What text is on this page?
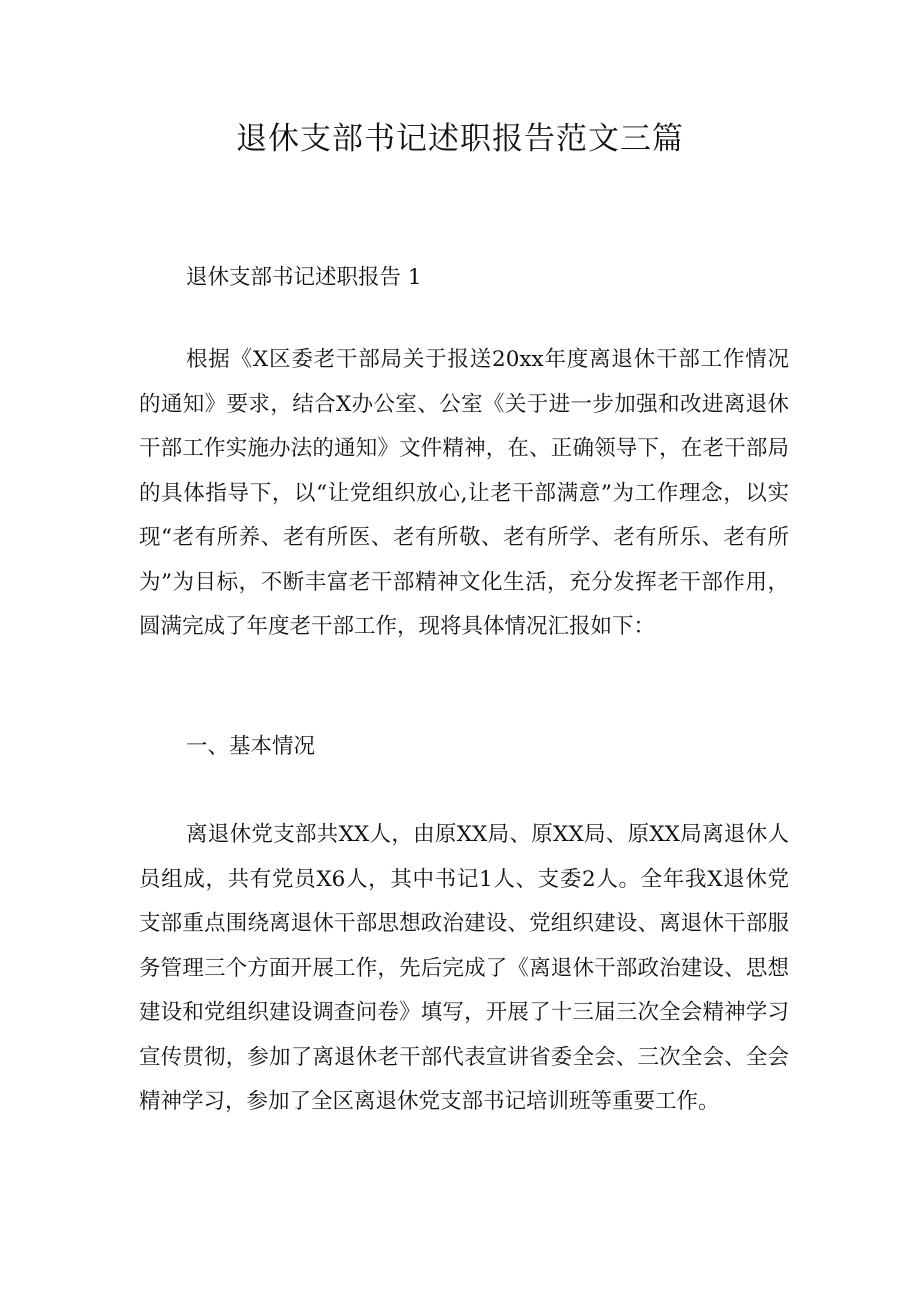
退休支部书记述职报告范文三篇

退休支部书记述职报告 1

根据《X区委老干部局关于报送20xx年度离退休干部工作情况的通知》要求，结合X办公室、公室《关于进一步加强和改进离退休干部工作实施办法的通知》文件精神，在、正确领导下，在老干部局的具体指导下，以“让党组织放心,让老干部满意”为工作理念，以实现“老有所养、老有所医、老有所敬、老有所学、老有所乐、老有所为”为目标，不断丰富老干部精神文化生活，充分发挥老干部作用，圆满完成了年度老干部工作，现将具体情况汇报如下：

一、基本情况

离退休党支部共XX人，由原XX局、原XX局、原XX局离退休人员组成，共有党员X6人，其中书记1人、支委2人。全年我X退休党支部重点围绕离退休干部思想政治建设、党组织建设、离退休干部服务管理三个方面开展工作，先后完成了《离退休干部政治建设、思想建设和党组织建设调查问卷》填写，开展了十三届三次全会精神学习宣传贯彻，参加了离退休老干部代表宣讲省委全会、三次全会、全会精神学习，参加了全区离退休党支部书记培训班等重要工作。
